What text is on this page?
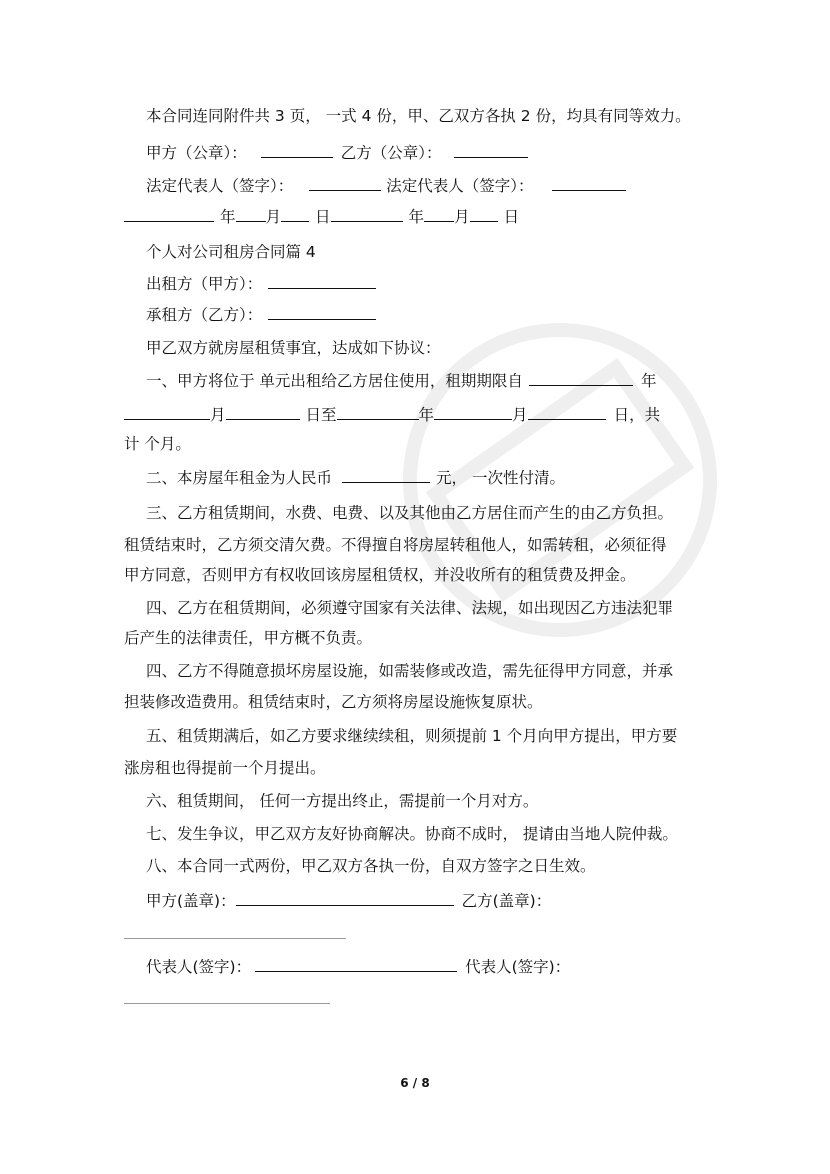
本合同连同附件共 3 页， 一式 4 份，甲、乙双方各执 2 份，均具有同等效力。
甲方（公章）：	乙方（公章）：
法定代表人（签字）：	法定代表人（签字）：
年 月 日	年 月 日
个人对公司租房合同篇 4
出租方（甲方）：
承租方（乙方）：
甲乙双方就房屋租赁事宜，达成如下协议：
一、甲方将位于 单元出租给乙方居住使用，租期期限自	年
月	日至	年	月	日，共
计 个月。
二、本房屋年租金为人民币	元， 一次性付清。
三、乙方租赁期间，水费、电费、以及其他由乙方居住而产生的由乙方负担。
租赁结束时，乙方须交清欠费。不得擅自将房屋转租他人，如需转租，必须征得
甲方同意，否则甲方有权收回该房屋租赁权，并没收所有的租赁费及押金。
四、乙方在租赁期间，必须遵守国家有关法律、法规，如出现因乙方违法犯罪
后产生的法律责任，甲方概不负责。
四、乙方不得随意损坏房屋设施，如需装修或改造，需先征得甲方同意，并承
担装修改造费用。租赁结束时，乙方须将房屋设施恢复原状。
五、租赁期满后，如乙方要求继续续租，则须提前 1 个月向甲方提出，甲方要
涨房租也得提前一个月提出。
六、租赁期间， 任何一方提出终止，需提前一个月对方。
七、发生争议，甲乙双方友好协商解决。协商不成时， 提请由当地人院仲裁。
八、本合同一式两份，甲乙双方各执一份，自双方签字之日生效。
甲方(盖章)：	乙方(盖章)：
代表人(签字)：	代表人(签字)：
6 / 8
